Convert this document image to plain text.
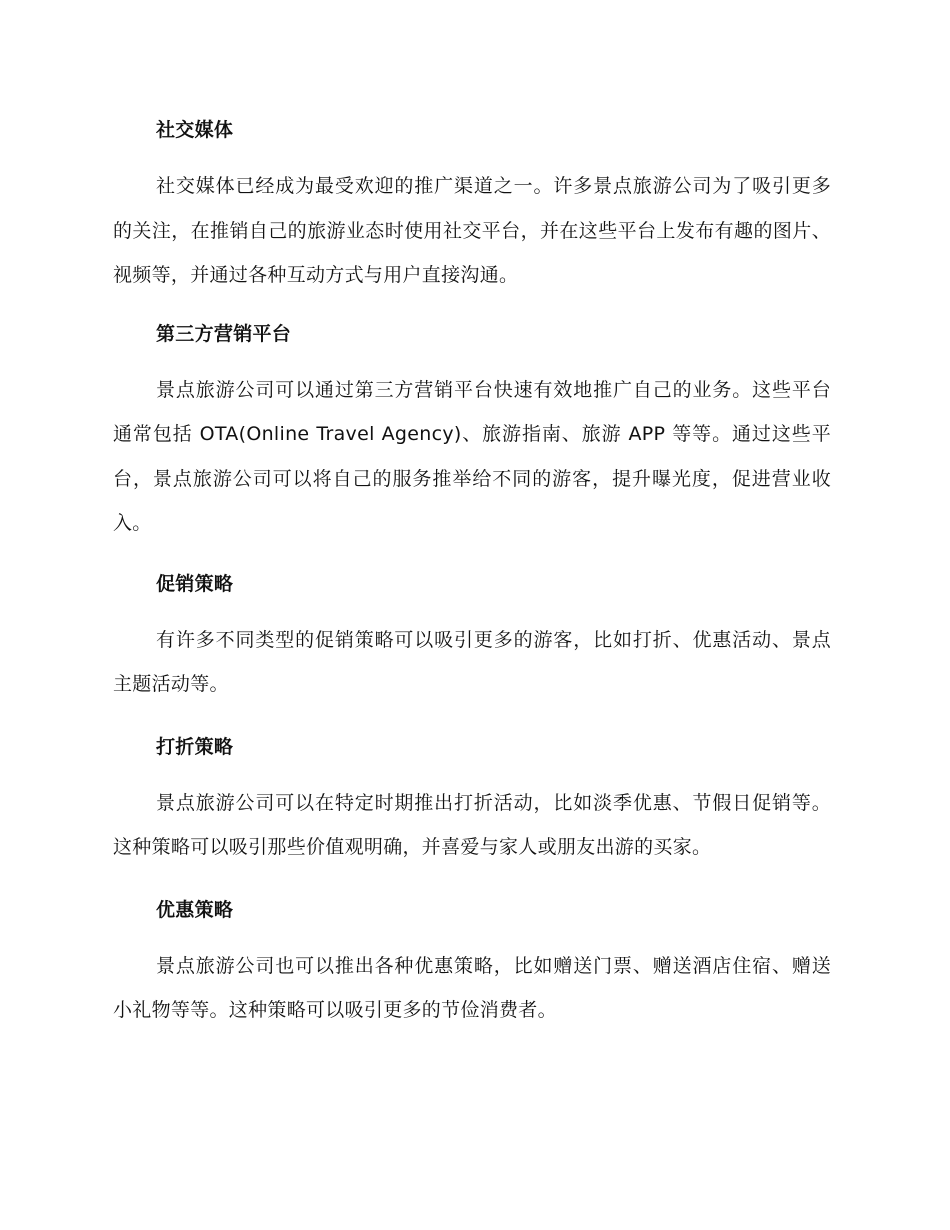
社交媒体

社交媒体已经成为最受欢迎的推广渠道之一。许多景点旅游公司为了吸引更多的关注，在推销自己的旅游业态时使用社交平台，并在这些平台上发布有趣的图片、视频等，并通过各种互动方式与用户直接沟通。

第三方营销平台

景点旅游公司可以通过第三方营销平台快速有效地推广自己的业务。这些平台通常包括 OTA(Online Travel Agency)、旅游指南、旅游 APP 等等。通过这些平台，景点旅游公司可以将自己的服务推举给不同的游客，提升曝光度，促进营业收入。

促销策略

有许多不同类型的促销策略可以吸引更多的游客，比如打折、优惠活动、景点主题活动等。

打折策略

景点旅游公司可以在特定时期推出打折活动，比如淡季优惠、节假日促销等。这种策略可以吸引那些价值观明确，并喜爱与家人或朋友出游的买家。

优惠策略

景点旅游公司也可以推出各种优惠策略，比如赠送门票、赠送酒店住宿、赠送小礼物等等。这种策略可以吸引更多的节俭消费者。
